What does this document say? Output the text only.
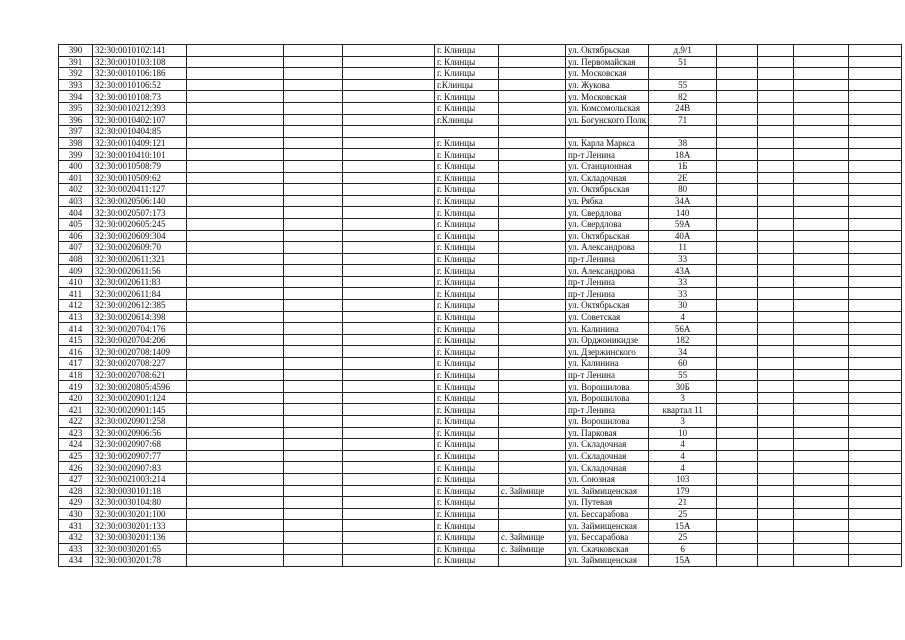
390	32:30:0010102:141				г. Клинцы		ул. Октябрьская	д.9/1				
391	32:30:0010103:108				г. Клинцы		ул. Первомайская	51				
392	32:30:0010106:186				г. Клинцы		ул. Московская					
393	32:30:0010106:52				г.Клинцы		ул. Жукова	55				
394	32:30:0010108:73				г. Клинцы		ул. Московская	82				
395	32:30:0010212:393				г. Клинцы		ул. Комсомольская	24В				
396	32:30:0010402:107				г.Клинцы		ул. Богунского Полк	71				
397	32:30:0010404:85											
398	32:30:0010409:121				г. Клинцы		ул. Карла Маркса	38				
399	32:30:0010410:101				г. Клинцы		пр-т Ленина	18А				
400	32:30:0010508:79				г. Клинцы		ул. Станционная	1Б				
401	32:30:0010509:62				г. Клинцы		ул. Складочная	2Е				
402	32:30:0020411:127				г. Клинцы		ул. Октябрьская	80				
403	32:30:0020506:140				г. Клинцы		ул. Рябка	34А				
404	32:30:0020507:173				г. Клинцы		ул. Свердлова	140				
405	32:30:0020605:245				г. Клинцы		ул. Свердлова	59А				
406	32:30:0020609:304				г. Клинцы		ул. Октябрьская	40А				
407	32:30:0020609:70				г. Клинцы		ул. Александрова	11				
408	32:30:0020611:321				г. Клинцы		пр-т Ленина	33				
409	32:30:0020611:56				г. Клинцы		ул. Александрова	43А				
410	32:30:0020611:83				г. Клинцы		пр-т Ленина	33				
411	32:30:0020611:84				г. Клинцы		пр-т Ленина	33				
412	32:30:0020612:385				г. Клинцы		ул. Октябрьская	30				
413	32:30:0020614:398				г. Клинцы		ул. Советская	4				
414	32:30:0020704:176				г. Клинцы		ул. Калинина	56А				
415	32:30:0020704:206				г. Клинцы		ул. Орджоникидзе	182				
416	32:30:0020708:1409				г. Клинцы		ул. Дзержинского	34				
417	32:30:0020708:227				г. Клинцы		ул. Калинина	60				
418	32:30:0020708:621				г. Клинцы		пр-т Ленина	55				
419	32:30:0020805:4596				г. Клинцы		ул. Ворошилова	30Б				
420	32:30:0020901:124				г. Клинцы		ул. Ворошилова	3				
421	32:30:0020901:145				г. Клинцы		пр-т Ленина	квартал 11				
422	32:30:0020901:258				г. Клинцы		ул. Ворошилова	3				
423	32:30:0020906:56				г. Клинцы		ул. Парковая	10				
424	32:30:0020907:68				г. Клинцы		ул. Складочная	4				
425	32:30:0020907:77				г. Клинцы		ул. Складочная	4				
426	32:30:0020907:83				г. Клинцы		ул. Складочная	4				
427	32:30:0021003:214				г. Клинцы		ул. Союзная	103				
428	32:30:0030101:18				г. Клинцы	с. Займище	ул. Займищенская	179				
429	32:30:0030104:80				г. Клинцы		ул. Путевая	21				
430	32:30:0030201:100				г. Клинцы		ул. Бессарабова	25				
431	32:30:0030201:133				г. Клинцы		ул. Займищенская	15А				
432	32:30:0030201:136				г. Клинцы	с. Займище	ул. Бессарабова	25				
433	32:30:0030201:65				г. Клинцы	с. Займище	ул. Скачковская	6				
434	32:30:0030201:78				г. Клинцы		ул. Займищенская	15А				
